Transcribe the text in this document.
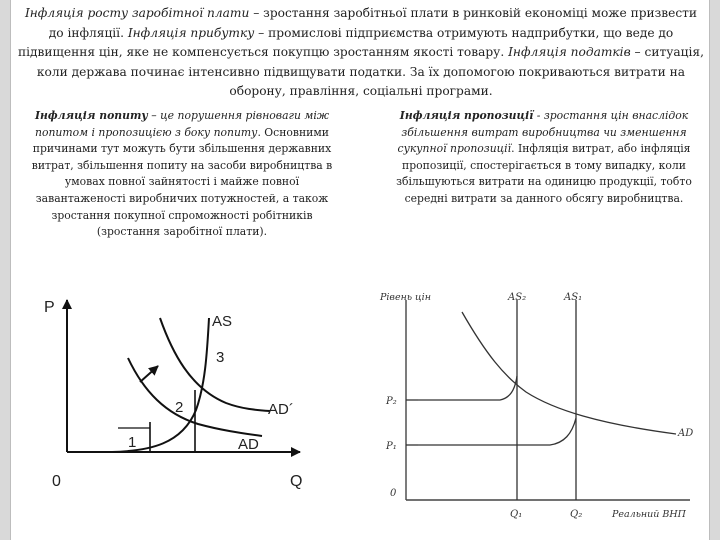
Інфляція росту заробітної плати – зростання заробітньої плати в ринковій економіці може призвести до інфляції. Інфляція прибутку – промислові підприємства отримують надприбутки, що веде до підвищення цін, яке не компенсується покупцю зростанням якості товару. Інфляція податків – ситуація, коли держава починає інтенсивно підвищувати податки. За їх допомогою покриваються витрати на оборону, правління, соціальні програми.
Інфляція попиту – це порушення рівноваги між попитом і пропозицією з боку попиту. Основними причинами тут можуть бути збільшення державних витрат, збільшення попиту на засоби виробництва в умовах повної зайнятості і майже повної завантаженості виробничих потужностей, а також зростання покупної спроможності робітників (зростання заробітної плати).
Інфляція пропозиції - зростання цін внаслідок збільшення витрат виробництва чи зменшення сукупної пропозиції. Інфляція витрат, або інфляція пропозиції, спостерігається в тому випадку, коли збільшуються витрати на одиницю продукції, тобто середні витрати за данного обсягу виробництва.
P
Q
0
AS
AD´
AD
1
2
3
Рівень цін
Реальний ВНП
AS₂	AS₁
AD
P₂
P₁
0
Q₁	Q₂
